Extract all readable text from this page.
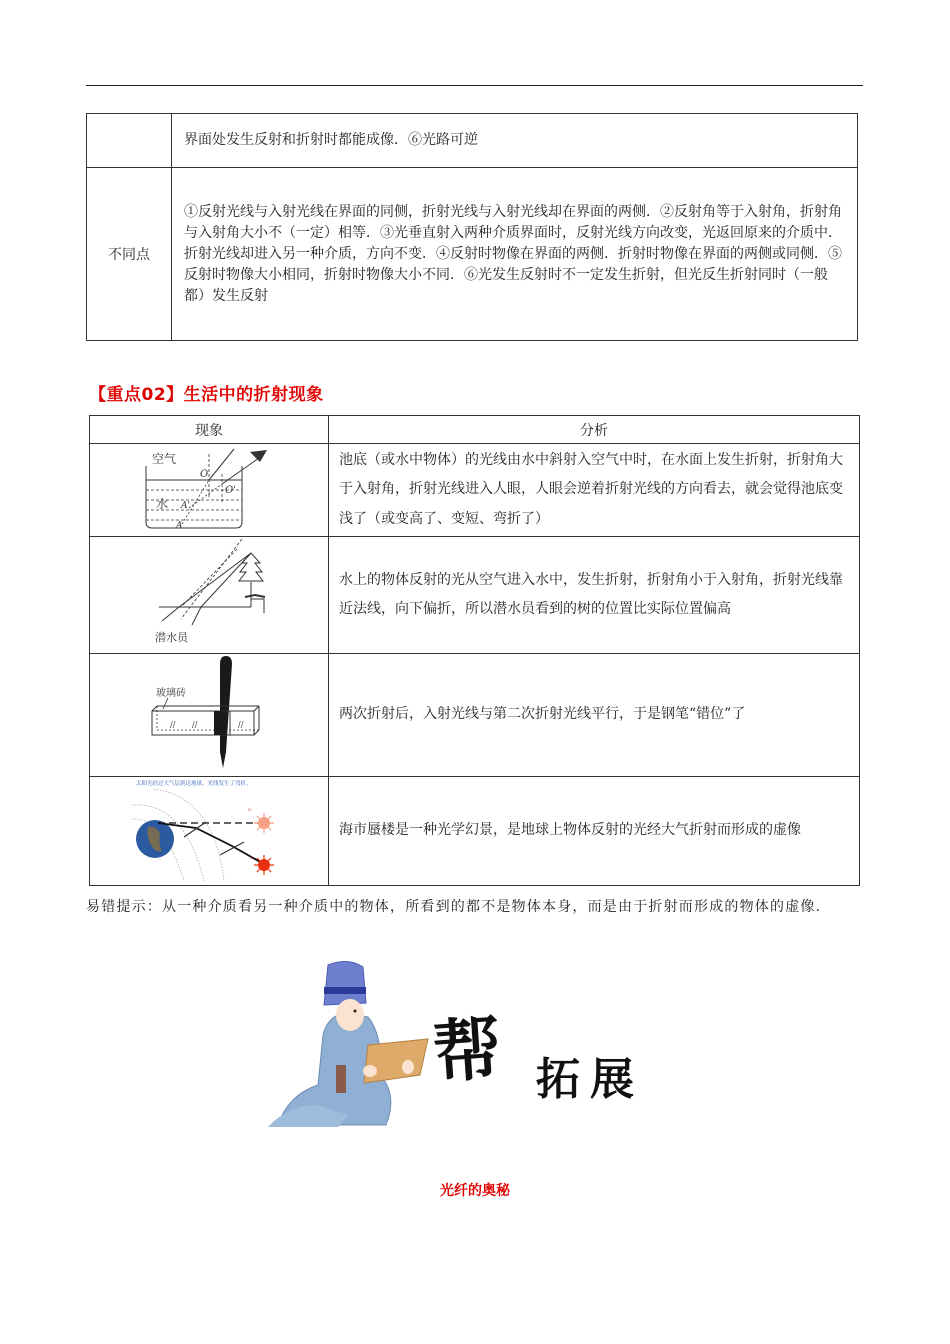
	界面处发生反射和折射时都能成像．⑥光路可逆
不同点	①反射光线与入射光线在界面的同侧，折射光线与入射光线却在界面的两侧．②反射角等于入射角，折射角与入射角大小不（一定）相等．③光垂直射入两种介质界面时，反射光线方向改变，光返回原来的介质中．折射光线却进入另一种介质，方向不变．④反射时物像在界面的两侧．折射时物像在界面的两侧或同侧．⑤反射时物像大小相同，折射时物像大小不同．⑥光发生反射时不一定发生折射，但光反生折射同时（一般都）发生反射
【重点02】生活中的折射现象
现象	分析

空气
O
O'
水 A'
A
	池底（或水中物体）的光线由水中斜射入空气中时，在水面上发生折射，折射角大于入射角，折射光线进入人眼，人眼会逆着折射光线的方向看去，就会觉得池底变浅了（或变高了、变短、弯折了）

潜水员	水上的物体反射的光从空气进入水中，发生折射，折射角小于入射角，折射光线靠近法线，向下偏折，所以潜水员看到的树的位置比实际位置偏高

// // //
玻璃砖	两次折射后，入射光线与第二次折射光线平行，于是钢笔“错位”了

太阳光经过大气层到达地球，光线发生了弯折。
S'
S	海市蜃楼是一种光学幻景，是地球上物体反射的光经大气折射而形成的虚像
易错提示：从一种介质看另一种介质中的物体，所看到的都不是物体本身，而是由于折射而形成的物体的虚像．
帮 拓展
光纤的奥秘
